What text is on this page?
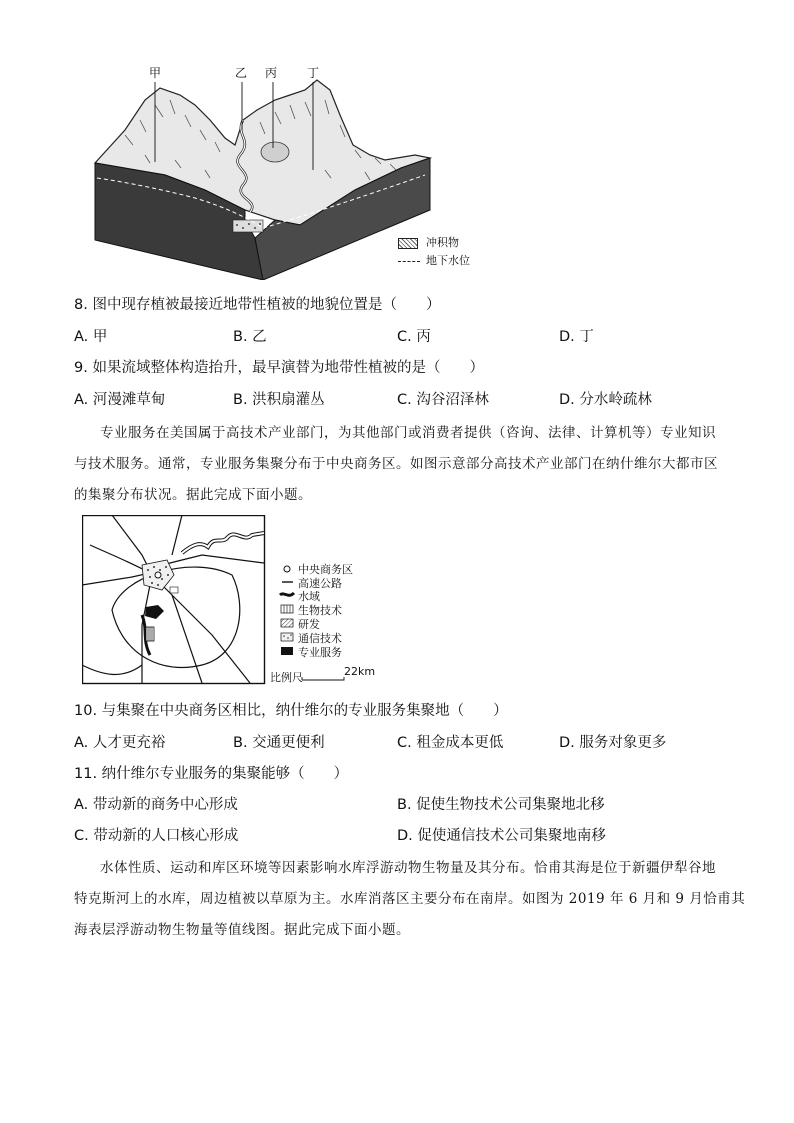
甲	乙 丙 丁
冲积物
地下水位
8. 图中现存植被最接近地带性植被的地貌位置是（　　）
A. 甲	B. 乙	C. 丙	D. 丁
9. 如果流域整体构造抬升，最早演替为地带性植被的是（　　）
A. 河漫滩草甸	B. 洪积扇灌丛	C. 沟谷沼泽林	D. 分水岭疏林
专业服务在美国属于高技术产业部门，为其他部门或消费者提供（咨询、法律、计算机等）专业知识
与技术服务。通常，专业服务集聚分布于中央商务区。如图示意部分高技术产业部门在纳什维尔大都市区
的集聚分布状况。据此完成下面小题。
中央商务区
高速公路
水域
生物技术
研发
通信技术
专业服务
比例尺	22km
10. 与集聚在中央商务区相比，纳什维尔的专业服务集聚地（　　）
A. 人才更充裕	B. 交通更便利	C. 租金成本更低	D. 服务对象更多
11. 纳什维尔专业服务的集聚能够（　　）
A. 带动新的商务中心形成	B. 促使生物技术公司集聚地北移
C. 带动新的人口核心形成	D. 促使通信技术公司集聚地南移
水体性质、运动和库区环境等因素影响水库浮游动物生物量及其分布。恰甫其海是位于新疆伊犁谷地
特克斯河上的水库，周边植被以草原为主。水库消落区主要分布在南岸。如图为 2019 年 6 月和 9 月恰甫其
海表层浮游动物生物量等值线图。据此完成下面小题。
